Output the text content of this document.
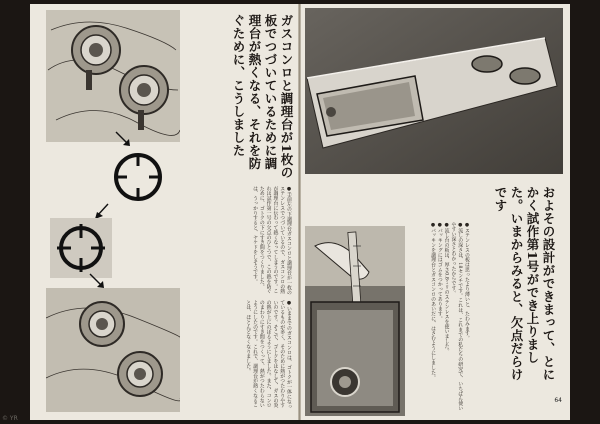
ガスコンロと調理台が1枚の板でつづいているために調理台が熱くなる、それを防ぐために、こうしました
●手前左の下調理台ガスコンロと調理台が一枚のステンレスでつづいているので、ガスコンロの熱が調理台に伝わって熱くなってしまうのです。これは試作第一号の欠点のひとつで、この熱を防ぐために、ゴトクの下にすき間をつくりました。は、うっかりすると、ヤケドをしそうです。
●いままでのガスコンロは、ゴトクが一体になっているものが多く、そのために熱がつたわりやすいのです。そこで、ゴトクをはなして、ガスの炎の熱が上にのぼるようにしました。また、コンロのまわりにすき間をつくって、熱がつたわらないようにしたのです。これで、調理台が熱くなることは、ほとんどなくなりました。	およその設計ができまって、とにかく試作第1号ができ上りました。いまからみると、欠点だらけです
●ステンレスの板は思ったより薄いと、たわみます。
●流しの深さは、18センチです。これは、これまでの私たちの研究で、いちばん使いやすい深さとわかったからです。
●流し台の板は、厚さ0.8ミリのステンレスを使いました。
●パッキングにはゴムをつかってあります。
●パッキンを調理台とガスコンロのあいだに、はさむようにしました。
64
© YR
